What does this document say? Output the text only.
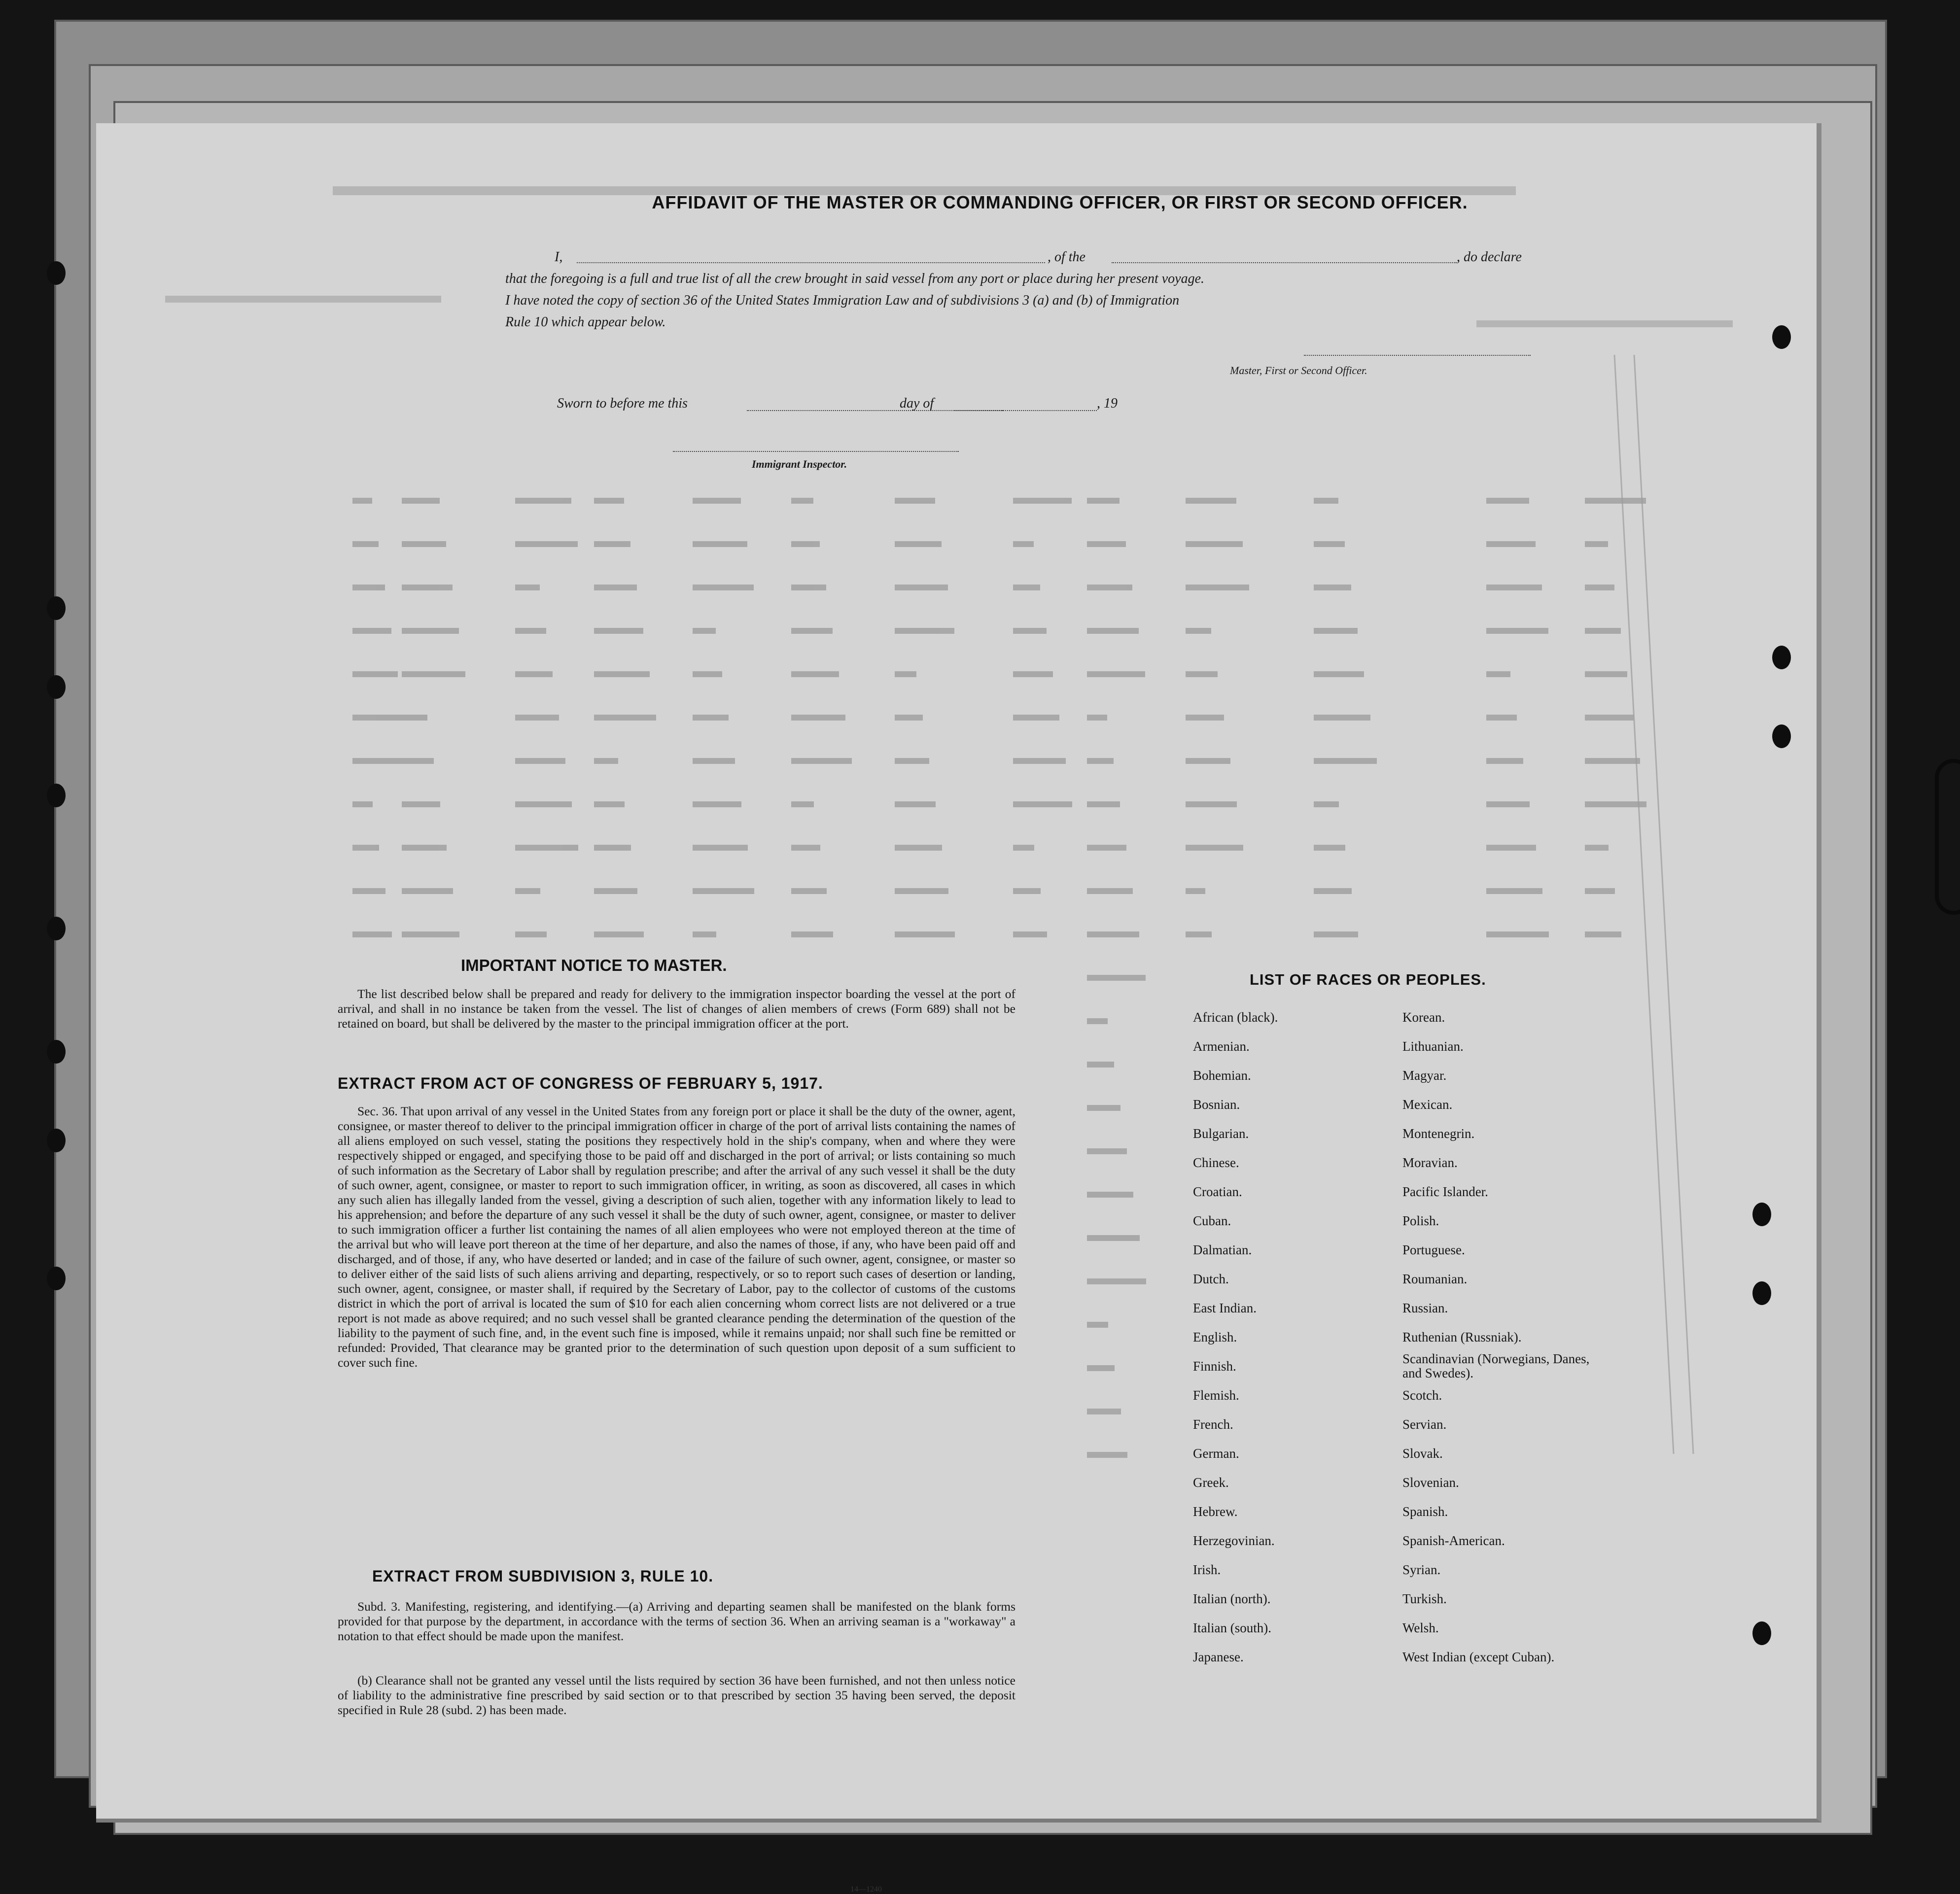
AFFIDAVIT OF THE MASTER OR COMMANDING OFFICER, OR FIRST OR SECOND OFFICER.
I,	, of the	, do declare
that the foregoing is a full and true list of all the crew brought in said vessel from any port or place during her present voyage.
I have noted the copy of section 36 of the United States Immigration Law and of subdivisions 3 (a) and (b) of Immigration
Rule 10 which appear below.
Master, First or Second Officer.
Sworn to before me this	day of	, 19
Immigrant Inspector.
IMPORTANT NOTICE TO MASTER.
The list described below shall be prepared and ready for delivery to the immigration inspector boarding the vessel at the port of arrival, and shall in no instance be taken from the vessel. The list of changes of alien members of crews (Form 689) shall not be retained on board, but shall be delivered by the master to the principal immigration officer at the port.
EXTRACT FROM ACT OF CONGRESS OF FEBRUARY 5, 1917.
Sec. 36. That upon arrival of any vessel in the United States from any foreign port or place it shall be the duty of the owner, agent, consignee, or master thereof to deliver to the principal immigration officer in charge of the port of arrival lists containing the names of all aliens employed on such vessel, stating the positions they respectively hold in the ship's company, when and where they were respectively shipped or engaged, and specifying those to be paid off and discharged in the port of arrival; or lists containing so much of such information as the Secretary of Labor shall by regulation prescribe; and after the arrival of any such vessel it shall be the duty of such owner, agent, consignee, or master to report to such immigration officer, in writing, as soon as discovered, all cases in which any such alien has illegally landed from the vessel, giving a description of such alien, together with any information likely to lead to his apprehension; and before the departure of any such vessel it shall be the duty of such owner, agent, consignee, or master to deliver to such immigration officer a further list containing the names of all alien employees who were not employed thereon at the time of the arrival but who will leave port thereon at the time of her departure, and also the names of those, if any, who have been paid off and discharged, and of those, if any, who have deserted or landed; and in case of the failure of such owner, agent, consignee, or master so to deliver either of the said lists of such aliens arriving and departing, respectively, or so to report such cases of desertion or landing, such owner, agent, consignee, or master shall, if required by the Secretary of Labor, pay to the collector of customs of the customs district in which the port of arrival is located the sum of $10 for each alien concerning whom correct lists are not delivered or a true report is not made as above required; and no such vessel shall be granted clearance pending the determination of the question of the liability to the payment of such fine, and, in the event such fine is imposed, while it remains unpaid; nor shall such fine be remitted or refunded: Provided, That clearance may be granted prior to the determination of such question upon deposit of a sum sufficient to cover such fine.
EXTRACT FROM SUBDIVISION 3, RULE 10.
Subd. 3. Manifesting, registering, and identifying.—(a) Arriving and departing seamen shall be manifested on the blank forms provided for that purpose by the department, in accordance with the terms of section 36. When an arriving seaman is a "workaway" a notation to that effect should be made upon the manifest.
(b) Clearance shall not be granted any vessel until the lists required by section 36 have been furnished, and not then unless notice of liability to the administrative fine prescribed by said section or to that prescribed by section 35 having been served, the deposit specified in Rule 28 (subd. 2) has been made.
LIST OF RACES OR PEOPLES.
African (black).
Armenian.
Bohemian.
Bosnian.
Bulgarian.
Chinese.
Croatian.
Cuban.
Dalmatian.
Dutch.
East Indian.
English.
Finnish.
Flemish.
French.
German.
Greek.
Hebrew.
Herzegovinian.
Irish.
Italian (north).
Italian (south).
Japanese.
Korean.
Lithuanian.
Magyar.
Mexican.
Montenegrin.
Moravian.
Pacific Islander.
Polish.
Portuguese.
Roumanian.
Russian.
Ruthenian (Russniak).
Scandinavian (Norwegians, Danes, and Swedes).
Scotch.
Servian.
Slovak.
Slovenian.
Spanish.
Spanish-American.
Syrian.
Turkish.
Welsh.
West Indian (except Cuban).
14—1240
